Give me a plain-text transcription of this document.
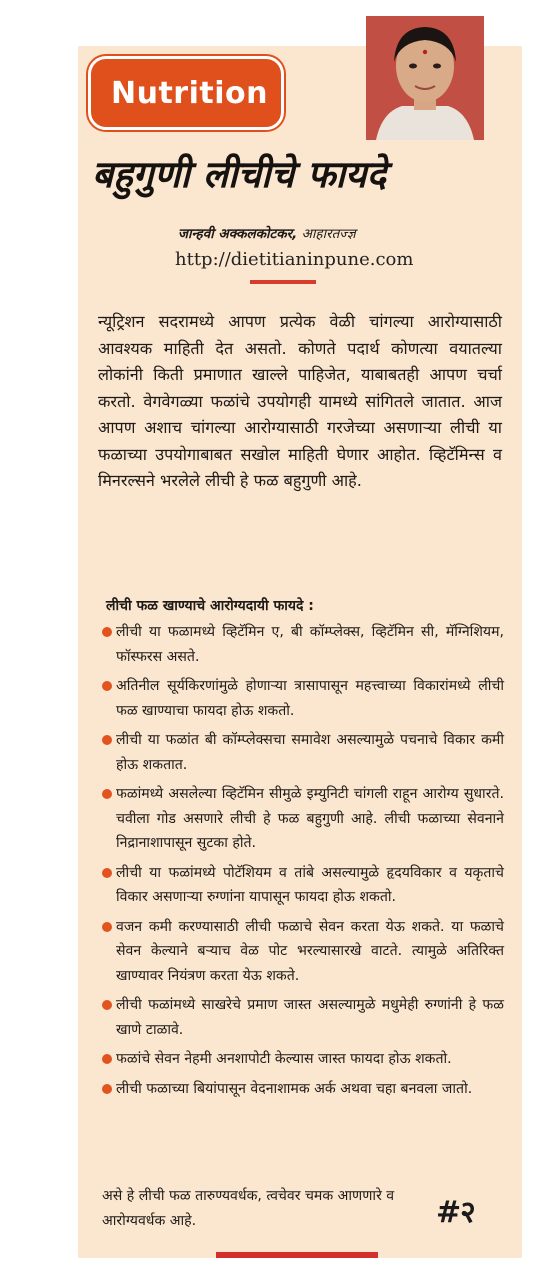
Nutrition
बहुगुणी लीचीचे फायदे
जान्हवी अक्कलकोटकर, आहारतज्ज्ञ
http://dietitianinpune.com

न्यूट्रिशन सदरामध्ये आपण प्रत्येक वेळी चांगल्या आरोग्यासाठी आवश्यक माहिती देत असतो. कोणते पदार्थ कोणत्या वयातल्या लोकांनी किती प्रमाणात खाल्ले पाहिजेत, याबाबतही आपण चर्चा करतो. वेगवेगळ्या फळांचे उपयोगही यामध्ये सांगितले जातात. आज आपण अशाच चांगल्या आरोग्यासाठी गरजेच्या असणाऱ्या लीची या फळाच्या उपयोगाबाबत सखोल माहिती घेणार आहोत. व्हिटॅमिन्स व मिनरल्सने भरलेले लीची हे फळ बहुगुणी आहे.

लीची फळ खाण्याचे आरोग्यदायी फायदे :
लीची या फळामध्ये व्हिटॅमिन ए, बी कॉम्प्लेक्स, व्हिटॅमिन सी, मॅग्निशियम, फॉस्फरस असते.
अतिनील सूर्यकिरणांमुळे होणाऱ्या त्रासापासून महत्त्वाच्या विकारांमध्ये लीची फळ खाण्याचा फायदा होऊ शकतो.
लीची या फळांत बी कॉम्प्लेक्सचा समावेश असल्यामुळे पचनाचे विकार कमी होऊ शकतात.
फळांमध्ये असलेल्या व्हिटॅमिन सीमुळे इम्युनिटी चांगली राहून आरोग्य सुधारते. चवीला गोड असणारे लीची हे फळ बहुगुणी आहे. लीची फळाच्या सेवनाने निद्रानाशापासून सुटका होते.
लीची या फळांमध्ये पोटॅशियम व तांबे असल्यामुळे हृदयविकार व यकृताचे विकार असणाऱ्या रुग्णांना यापासून फायदा होऊ शकतो.
वजन कमी करण्यासाठी लीची फळाचे सेवन करता येऊ शकते. या फळाचे सेवन केल्याने बऱ्याच वेळ पोट भरल्यासारखे वाटते. त्यामुळे अतिरिक्त खाण्यावर नियंत्रण करता येऊ शकते.
लीची फळांमध्ये साखरेचे प्रमाण जास्त असल्यामुळे मधुमेही रुग्णांनी हे फळ खाणे टाळावे.
फळांचे सेवन नेहमी अनशापोटी केल्यास जास्त फायदा होऊ शकतो.
लीची फळाच्या बियांपासून वेदनाशामक अर्क अथवा चहा बनवला जातो.

असे हे लीची फळ तारुण्यवर्धक, त्वचेवर चमक आणणारे व आरोग्यवर्धक आहे.	#२
